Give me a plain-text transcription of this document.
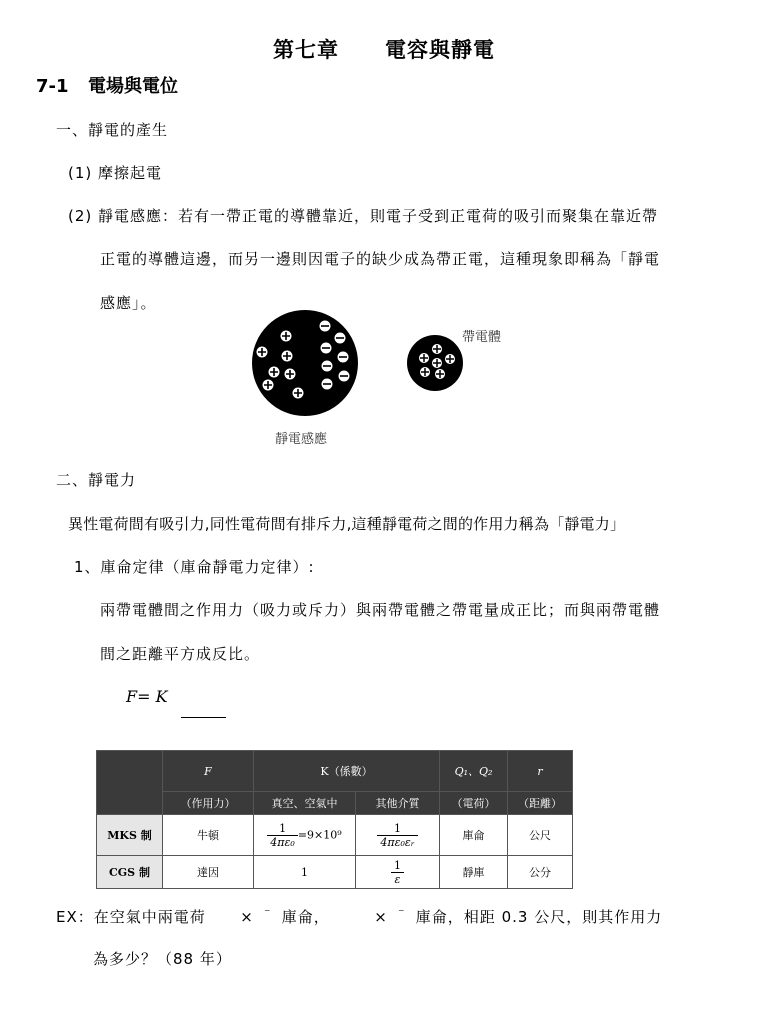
第七章 電容與靜電
7-1 電場與電位
一、靜電的產生
(1) 摩擦起電
(2) 靜電感應：若有一帶正電的導體靠近，則電子受到正電荷的吸引而聚集在靠近帶
正電的導體這邊，而另一邊則因電子的缺少成為帶正電，這種現象即稱為「靜電
感應」。
帶電體
靜電感應
二、靜電力
異性電荷間有吸引力,同性電荷間有排斥力,這種靜電荷之間的作用力稱為「靜電力」
1、庫侖定律（庫侖靜電力定律）:
兩帶電體間之作用力（吸力或斥力）與兩帶電體之帶電量成正比；而與兩帶電體
間之距離平方成反比。
F= K
	F	K（係數）		Q₁、Q₂	r
	（作用力）	真空、空氣中	其他介質	（電荷）	（距離）
MKS 制	牛頓	$\frac{1}{\text{4πε₀}} =9\times 10^9$	$\frac{1}{\text{4πε₀εᵣ}}$	庫侖	公尺
CGS 制	達因	1	$\frac{1}{\varepsilon}$	靜庫	公分
EX：在空氣中兩電荷 × ⁻ 庫侖，	× ⁻ 庫侖，相距 0.3 公尺，則其作用力
為多少？（88 年）
